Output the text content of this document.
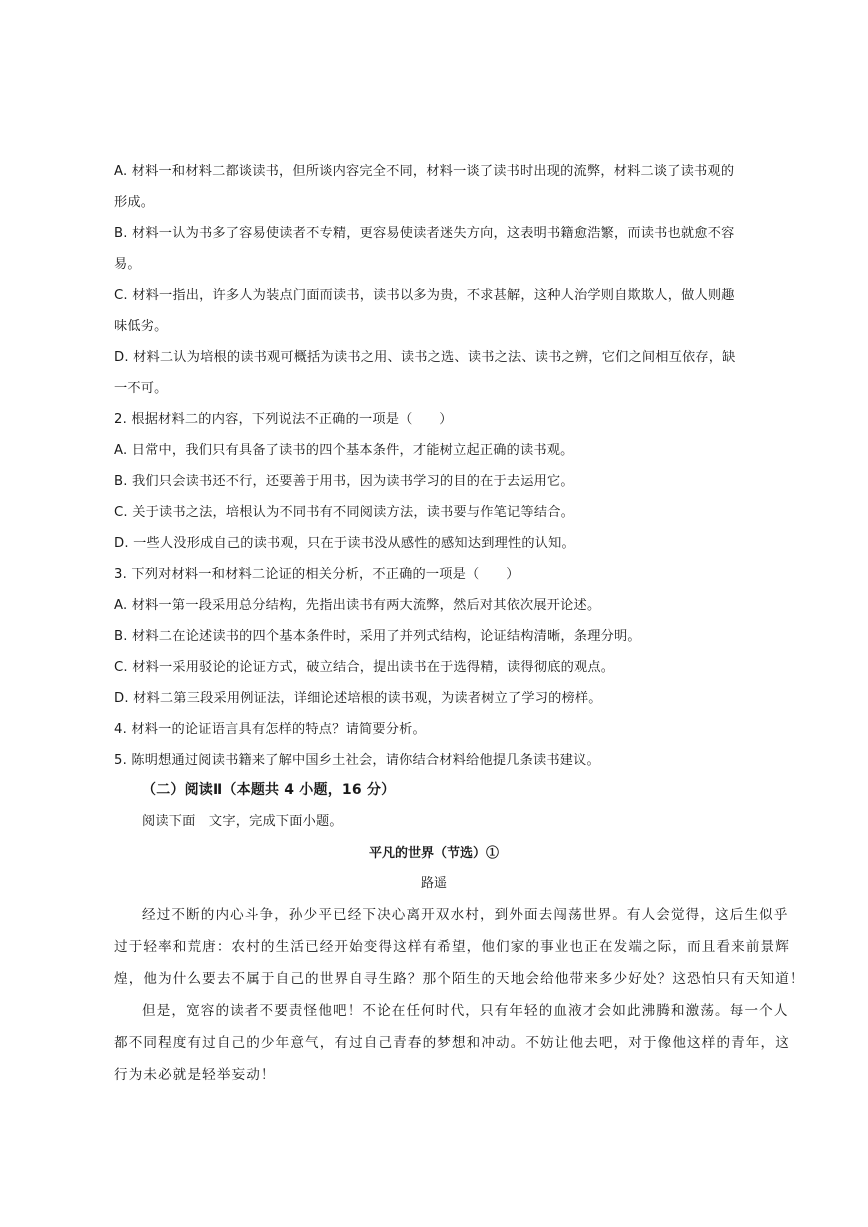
A. 材料一和材料二都谈读书，但所谈内容完全不同，材料一谈了读书时出现的流弊，材料二谈了读书观的
形成。
B. 材料一认为书多了容易使读者不专精，更容易使读者迷失方向，这表明书籍愈浩繁，而读书也就愈不容
易。
C. 材料一指出，许多人为装点门面而读书，读书以多为贵，不求甚解，这种人治学则自欺欺人，做人则趣
味低劣。
D. 材料二认为培根的读书观可概括为读书之用、读书之选、读书之法、读书之辨，它们之间相互依存，缺
一不可。
2. 根据材料二的内容，下列说法不正确的一项是（　　）
A. 日常中，我们只有具备了读书的四个基本条件，才能树立起正确的读书观。
B. 我们只会读书还不行，还要善于用书，因为读书学习的目的在于去运用它。
C. 关于读书之法，培根认为不同书有不同阅读方法，读书要与作笔记等结合。
D. 一些人没形成自己的读书观，只在于读书没从感性的感知达到理性的认知。
3. 下列对材料一和材料二论证的相关分析，不正确的一项是（　　）
A. 材料一第一段采用总分结构，先指出读书有两大流弊，然后对其依次展开论述。
B. 材料二在论述读书的四个基本条件时，采用了并列式结构，论证结构清晰，条理分明。
C. 材料一采用驳论的论证方式，破立结合，提出读书在于选得精，读得彻底的观点。
D. 材料二第三段采用例证法，详细论述培根的读书观，为读者树立了学习的榜样。
4. 材料一的论证语言具有怎样的特点？请简要分析。
5. 陈明想通过阅读书籍来了解中国乡土社会，请你结合材料给他提几条读书建议。
（二）阅读Ⅱ（本题共 4 小题，16 分）
阅读下面　文字，完成下面小题。
平凡的世界（节选）①
路遥
经过不断的内心斗争，孙少平已经下决心离开双水村，到外面去闯荡世界。有人会觉得，这后生似乎
过于轻率和荒唐：农村的生活已经开始变得这样有希望，他们家的事业也正在发端之际，而且看来前景辉
煌，他为什么要去不属于自己的世界自寻生路？那个陌生的天地会给他带来多少好处？这恐怕只有天知道！
但是，宽容的读者不要责怪他吧！不论在任何时代，只有年轻的血液才会如此沸腾和激荡。每一个人
都不同程度有过自己的少年意气，有过自己青春的梦想和冲动。不妨让他去吧，对于像他这样的青年，这
行为未必就是轻举妄动！
